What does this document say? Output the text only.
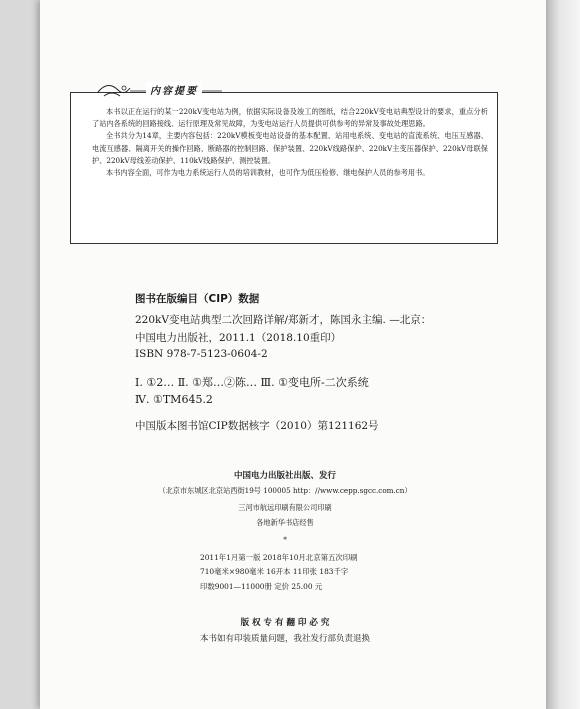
内容提要

本书以正在运行的某一220kV变电站为例，依据实际设备及竣工的图纸，结合220kV变电站典型设计的要求，重点分析了站内各系统的回路接线、运行原理及常见故障，为变电站运行人员提供可供参考的异常及事故处理思路。

全书共分为14章，主要内容包括：220kV模板变电站设备的基本配置、站用电系统、变电站的直流系统、电压互感器、电流互感器、隔离开关的操作回路、断路器的控制回路、保护装置、220kV线路保护、220kV主变压器保护、220kV母联保护、220kV母线差动保护、110kV线路保护、测控装置。

本书内容全面，可作为电力系统运行人员的培训教材，也可作为低压检修、继电保护人员的参考用书。

图书在版编目（CIP）数据
220kV变电站典型二次回路详解/郑新才，陈国永主编. —北京：
中国电力出版社，2011.1（2018.10重印）
ISBN 978-7-5123-0604-2
Ⅰ. ①2… Ⅱ. ①郑…②陈… Ⅲ. ①变电所-二次系统
Ⅳ. ①TM645.2
中国版本图书馆CIP数据核字（2010）第121162号
中国电力出版社出版、发行
（北京市东城区北京站西街19号 100005 http：//www.cepp.sgcc.com.cn）
三河市航远印刷有限公司印刷
各地新华书店经售
*
2011年1月第一版 2018年10月北京第五次印刷
710毫米×980毫米 16开本 11印张 183千字
印数9001—11000册 定价 25.00 元
版 权 专 有 翻 印 必 究
本书如有印装质量问题，我社发行部负责退换
